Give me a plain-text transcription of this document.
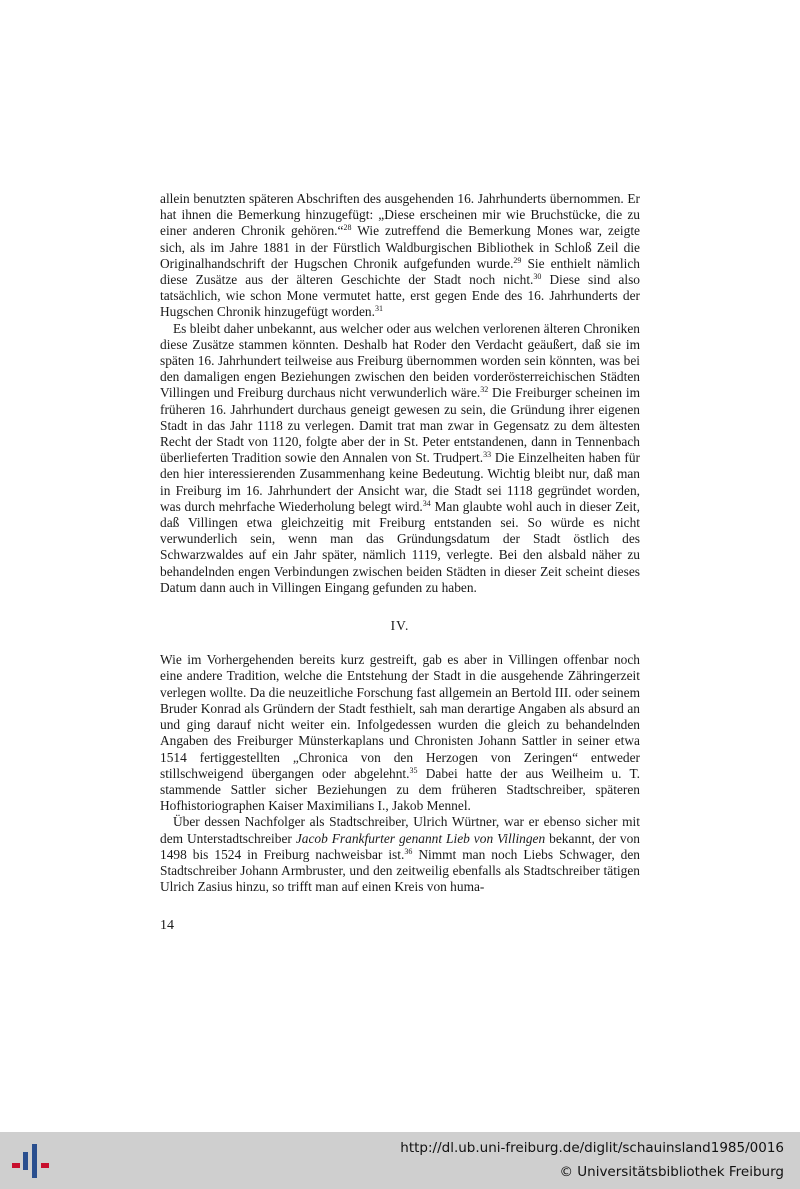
allein benutzten späteren Abschriften des ausgehenden 16. Jahrhunderts übernommen. Er hat ihnen die Bemerkung hinzugefügt: „Diese erscheinen mir wie Bruchstücke, die zu einer anderen Chronik gehören.“$^{28}$ Wie zutreffend die Bemerkung Mones war, zeigte sich, als im Jahre 1881 in der Fürstlich Waldburgischen Bibliothek in Schloß Zeil die Originalhandschrift der Hugschen Chronik aufgefunden wurde.$^{29}$ Sie enthielt nämlich diese Zusätze aus der älteren Geschichte der Stadt noch nicht.$^{30}$ Diese sind also tatsächlich, wie schon Mone vermutet hatte, erst gegen Ende des 16. Jahrhunderts der Hugschen Chronik hinzugefügt worden.$^{31}$

Es bleibt daher unbekannt, aus welcher oder aus welchen verlorenen älteren Chroniken diese Zusätze stammen könnten. Deshalb hat Roder den Verdacht geäußert, daß sie im späten 16. Jahrhundert teilweise aus Freiburg übernommen worden sein könnten, was bei den damaligen engen Beziehungen zwischen den beiden vorderösterreichischen Städten Villingen und Freiburg durchaus nicht verwunderlich wäre.$^{32}$ Die Freiburger scheinen im früheren 16. Jahrhundert durchaus geneigt gewesen zu sein, die Gründung ihrer eigenen Stadt in das Jahr 1118 zu verlegen. Damit trat man zwar in Gegensatz zu dem ältesten Recht der Stadt von 1120, folgte aber der in St. Peter entstandenen, dann in Tennenbach überlieferten Tradition sowie den Annalen von St. Trudpert.$^{33}$ Die Einzelheiten haben für den hier interessierenden Zusammenhang keine Bedeutung. Wichtig bleibt nur, daß man in Freiburg im 16. Jahrhundert der Ansicht war, die Stadt sei 1118 gegründet worden, was durch mehrfache Wiederholung belegt wird.$^{34}$ Man glaubte wohl auch in dieser Zeit, daß Villingen etwa gleichzeitig mit Freiburg entstanden sei. So würde es nicht verwunderlich sein, wenn man das Gründungsdatum der Stadt östlich des Schwarzwaldes auf ein Jahr später, nämlich 1119, verlegte. Bei den alsbald näher zu behandelnden engen Verbindungen zwischen beiden Städten in dieser Zeit scheint dieses Datum dann auch in Villingen Eingang gefunden zu haben.

IV.

Wie im Vorhergehenden bereits kurz gestreift, gab es aber in Villingen offenbar noch eine andere Tradition, welche die Entstehung der Stadt in die ausgehende Zähringerzeit verlegen wollte. Da die neuzeitliche Forschung fast allgemein an Bertold III. oder seinem Bruder Konrad als Gründern der Stadt festhielt, sah man derartige Angaben als absurd an und ging darauf nicht weiter ein. Infolgedessen wurden die gleich zu behandelnden Angaben des Freiburger Münsterkaplans und Chronisten Johann Sattler in seiner etwa 1514 fertiggestellten „Chronica von den Herzogen von Zeringen“ entweder stillschweigend übergangen oder abgelehnt.$^{35}$ Dabei hatte der aus Weilheim u. T. stammende Sattler sicher Beziehungen zu dem früheren Stadtschreiber, späteren Hofhistoriographen Kaiser Maximilians I., Jakob Mennel.

Über dessen Nachfolger als Stadtschreiber, Ulrich Würtner, war er ebenso sicher mit dem Unterstadtschreiber Jacob Frankfurter genannt Lieb von Villingen bekannt, der von 1498 bis 1524 in Freiburg nachweisbar ist.$^{36}$ Nimmt man noch Liebs Schwager, den Stadtschreiber Johann Armbruster, und den zeitweilig ebenfalls als Stadtschreiber tätigen Ulrich Zasius hinzu, so trifft man auf einen Kreis von huma-

14
http://dl.ub.uni-freiburg.de/diglit/schauinsland1985/0016
© Universitätsbibliothek Freiburg
